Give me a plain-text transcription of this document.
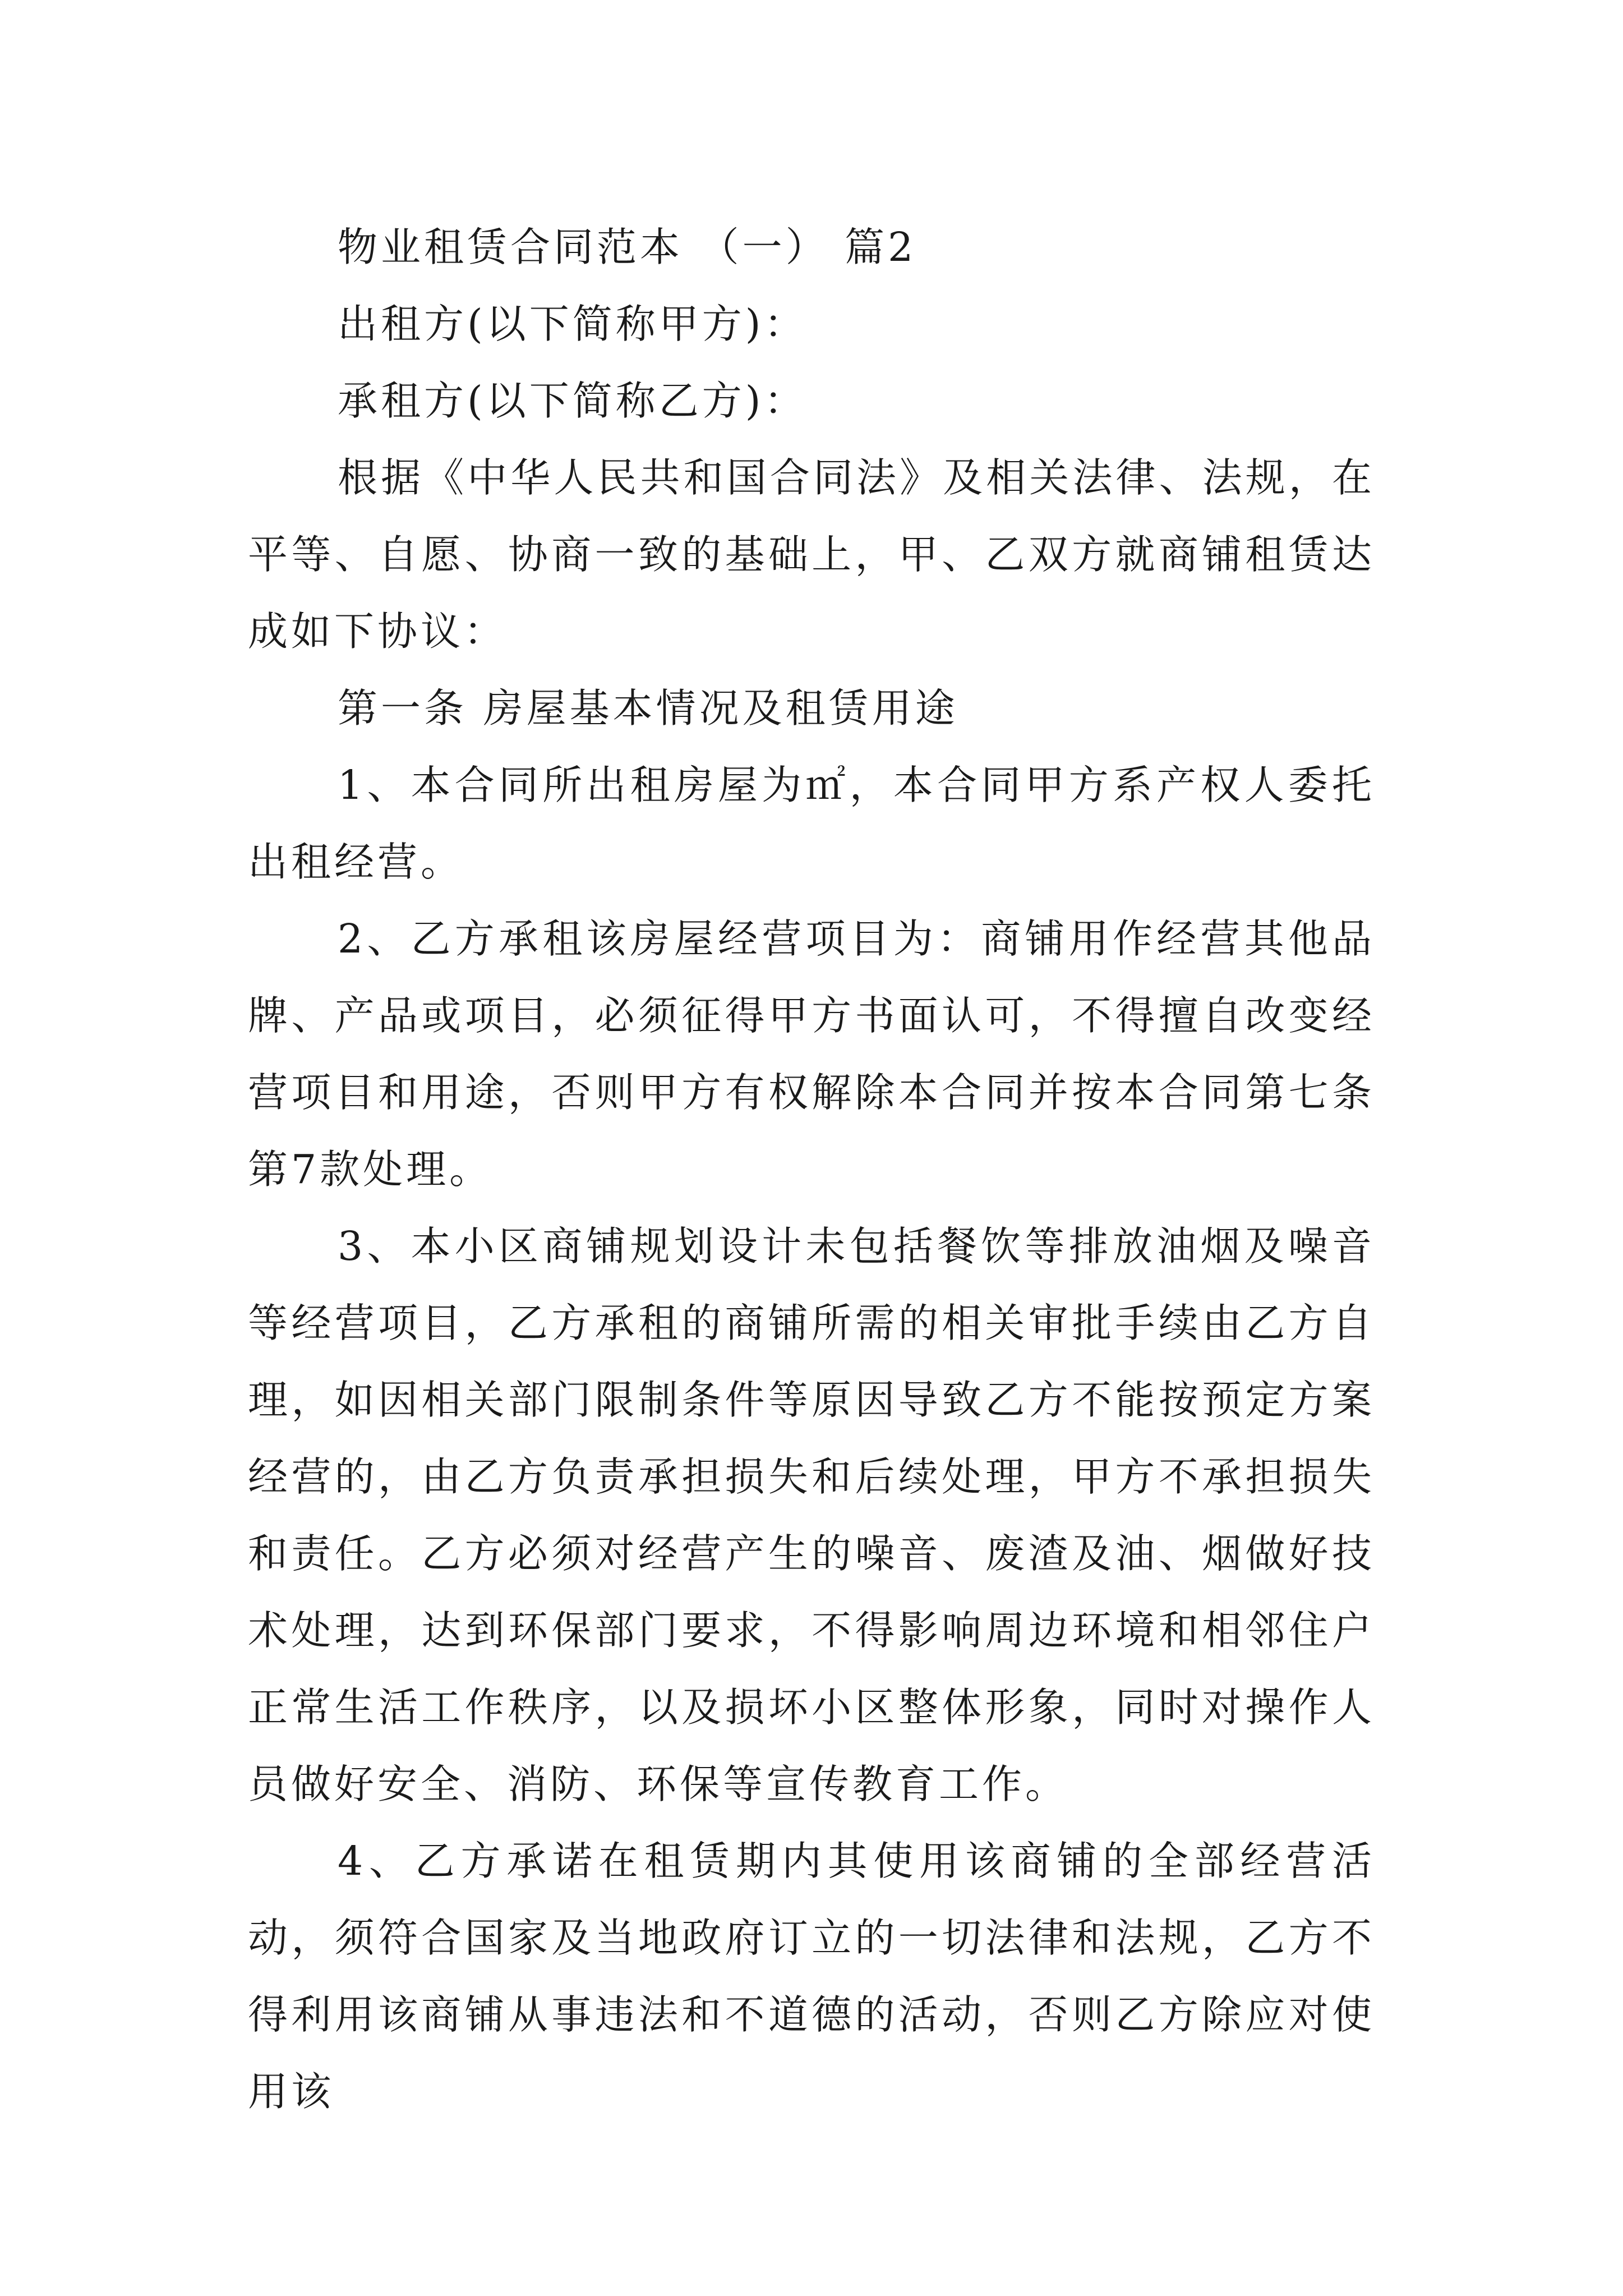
物业租赁合同范本 （一） 篇2

出租方(以下简称甲方)：

承租方(以下简称乙方)：

根据《中华人民共和国合同法》及相关法律、法规，在平等、自愿、协商一致的基础上，甲、乙双方就商铺租赁达成如下协议：

第一条 房屋基本情况及租赁用途

1、本合同所出租房屋为㎡，本合同甲方系产权人委托出租经营。

2、乙方承租该房屋经营项目为：商铺用作经营其他品牌、产品或项目，必须征得甲方书面认可，不得擅自改变经营项目和用途，否则甲方有权解除本合同并按本合同第七条第7款处理。

3、本小区商铺规划设计未包括餐饮等排放油烟及噪音等经营项目，乙方承租的商铺所需的相关审批手续由乙方自理，如因相关部门限制条件等原因导致乙方不能按预定方案经营的，由乙方负责承担损失和后续处理，甲方不承担损失和责任。乙方必须对经营产生的噪音、废渣及油、烟做好技术处理，达到环保部门要求，不得影响周边环境和相邻住户正常生活工作秩序，以及损坏小区整体形象，同时对操作人员做好安全、消防、环保等宣传教育工作。

4、乙方承诺在租赁期内其使用该商铺的全部经营活动，须符合国家及当地政府订立的一切法律和法规，乙方不得利用该商铺从事违法和不道德的活动，否则乙方除应对使用该
